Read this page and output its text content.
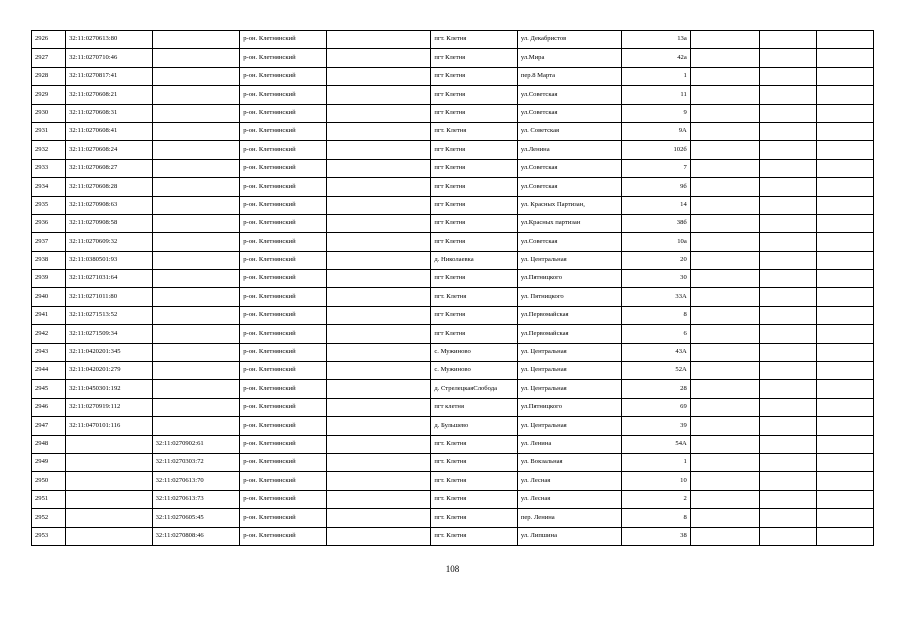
2926	32:11:0270613:80		р-он. Клетнянский		пгт. Клетня	ул. Декабристов	13а			
2927	32:11:0270710:46		р-он. Клетнянский		пгт Клетня	ул.Мира	42а			
2928	32:11:0270817:41		р-он. Клетнянский		пгт Клетня	пер.8 Марта	1			
2929	32:11:0270608:21		р-он. Клетнянский		пгт Клетня	ул.Советская	11			
2930	32:11:0270608:31		р-он. Клетнянский		пгт Клетня	ул.Советская	9			
2931	32:11:0270608:41		р-он. Клетнянский		пгт. Клетня	ул. Советская	9А			
2932	32:11:0270608:24		р-он. Клетнянский		пгт Клетня	ул.Ленина	102б			
2933	32:11:0270608:27		р-он. Клетнянский		пгт Клетня	ул.Советская	7			
2934	32:11:0270608:28		р-он. Клетнянский		пгт Клетня	ул.Советская	9б			
2935	32:11:0270908:63		р-он. Клетнянский		пгт Клетня	ул. Красных Партизан,	14			
2936	32:11:0270908:58		р-он. Клетнянский		пгт Клетня	ул.Красных партизан	38б			
2937	32:11:0270609:32		р-он. Клетнянский		пгт Клетня	ул.Советская	10а			
2938	32:11:0380501:93		р-он. Клетнянский		д. Николаевка	ул. Центральная	20			
2939	32:11:0271031:64		р-он. Клетнянский		пгт Клетня	ул.Пятницкого	30			
2940	32:11:0271011:80		р-он. Клетнянский		пгт. Клетня	ул. Пятницкого	33А			
2941	32:11:0271513:52		р-он. Клетнянский		пгт Клетня	ул.Первомайская	8			
2942	32:11:0271509:34		р-он. Клетнянский		пгт Клетня	ул.Первомайская	6			
2943	32:11:0420201:345		р-он. Клетнянский		с. Мужиново	ул. Центральная	43А			
2944	32:11:0420201:279		р-он. Клетнянский		с. Мужиново	ул. Центральная	52А			
2945	32:11:0450301:192		р-он. Клетнянский		д. СтрелецкаяСлобода	ул. Центральная	28			
2946	32:11:0270919:112		р-он. Клетнянский		пгт клетня	ул.Пятницкого	69			
2947	32:11:0470101:116		р-он. Клетнянский		д. Бульшево	ул. Центральная	39			
2948		32:11:0270902:61	р-он. Клетнянский		пгт. Клетня	ул. Ленина	54А			
2949		32:11:0270303:72	р-он. Клетнянский		пгт. Клетня	ул. Вокзальная	1			
2950		32:11:0270613:70	р-он. Клетнянский		пгт. Клетня	ул. Лесная	10			
2951		32:11:0270613:73	р-он. Клетнянский		пгт. Клетня	ул. Лесная	2			
2952		32:11:0270605:45	р-он. Клетнянский		пгт. Клетня	пер. Ленина	8			
2953		32:11:0270808:46	р-он. Клетнянский		пгт. Клетня	ул. Липшина	38			
108
